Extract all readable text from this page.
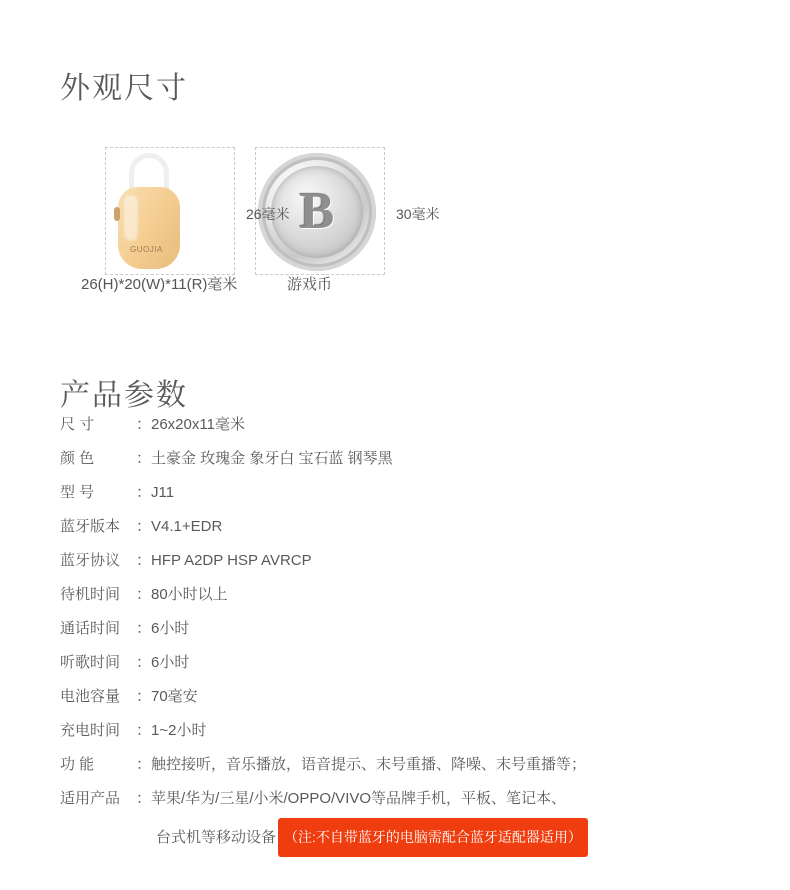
外观尺寸
GUOJIA
B
26毫米	30毫米
26(H)*20(W)*11(R)毫米	游戏币
产品参数
尺 寸	：26x20x11毫米
颜 色	：土豪金 玫瑰金 象牙白 宝石蓝 钢琴黑
型 号	：J11
蓝牙版本 ：V4.1+EDR
蓝牙协议 ：HFP A2DP HSP AVRCP
待机时间 ：80小时以上
通话时间 ：6小时
听歌时间 ：6小时
电池容量 ：70毫安
充电时间 ：1~2小时
功 能	：触控接听，音乐播放，语音提示、末号重播、降噪、末号重播等；
适用产品 ：苹果/华为/三星/小米/OPPO/VIVO等品牌手机，平板、笔记本、
台式机等移动设备 （注:不自带蓝牙的电脑需配合蓝牙适配器适用）
